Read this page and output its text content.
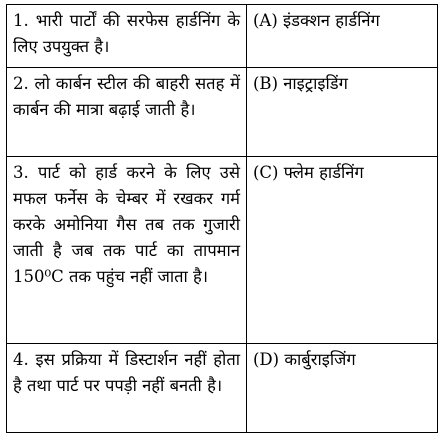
1. भारी पार्टों की सरफेस हार्डनिंग के लिए उपयुक्त है।	(A) इंडक्शन हार्डनिंग
2. लो कार्बन स्टील की बाहरी सतह में कार्बन की मात्रा बढ़ाई जाती है।	(B) नाइट्राइडिंग
3. पार्ट को हार्ड करने के लिए उसे मफल फर्नेस के चेम्बर में रखकर गर्म करके अमोनिया गैस तब तक गुजारी जाती है जब तक पार्ट का तापमान 150⁰C तक पहुंच नहीं जाता है।	(C) फ्लेम हार्डनिंग
4. इस प्रक्रिया में डिस्टार्शन नहीं होता है तथा पार्ट पर पपड़ी नहीं बनती है।	(D) कार्बुराइजिंग
